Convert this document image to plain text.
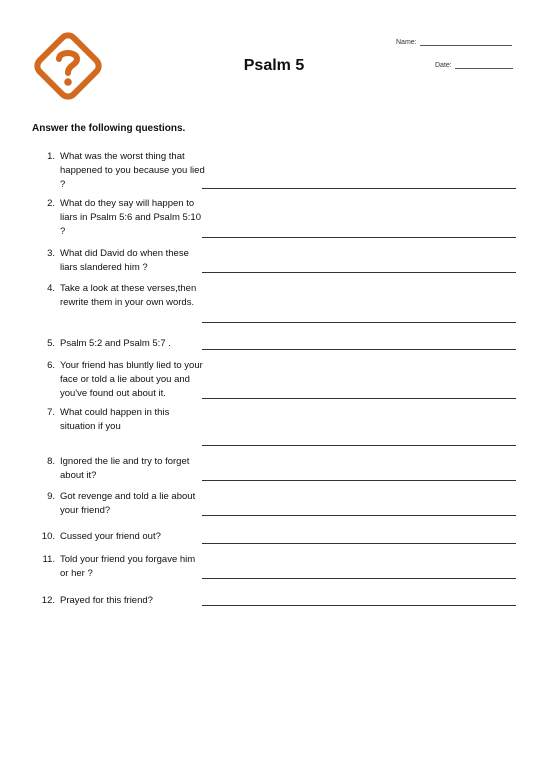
Psalm 5
Name:
Date:
Answer the following questions.
1. What was the worst thing that happened to you because you lied ?
2. What do they say will happen to liars in Psalm 5:6 and Psalm 5:10 ?
3. What did David do when these liars slandered him ?
4. Take a look at these verses,then rewrite them in your own words.
5. Psalm 5:2 and Psalm 5:7 .
6. Your friend has bluntly lied to your face or told a lie about you and you've found out about it.
7. What could happen in this situation if you
8. Ignored the lie and try to forget about it?
9. Got revenge and told a lie about your friend?
10. Cussed your friend out?
11. Told your friend you forgave him or her ?
12. Prayed for this friend?
